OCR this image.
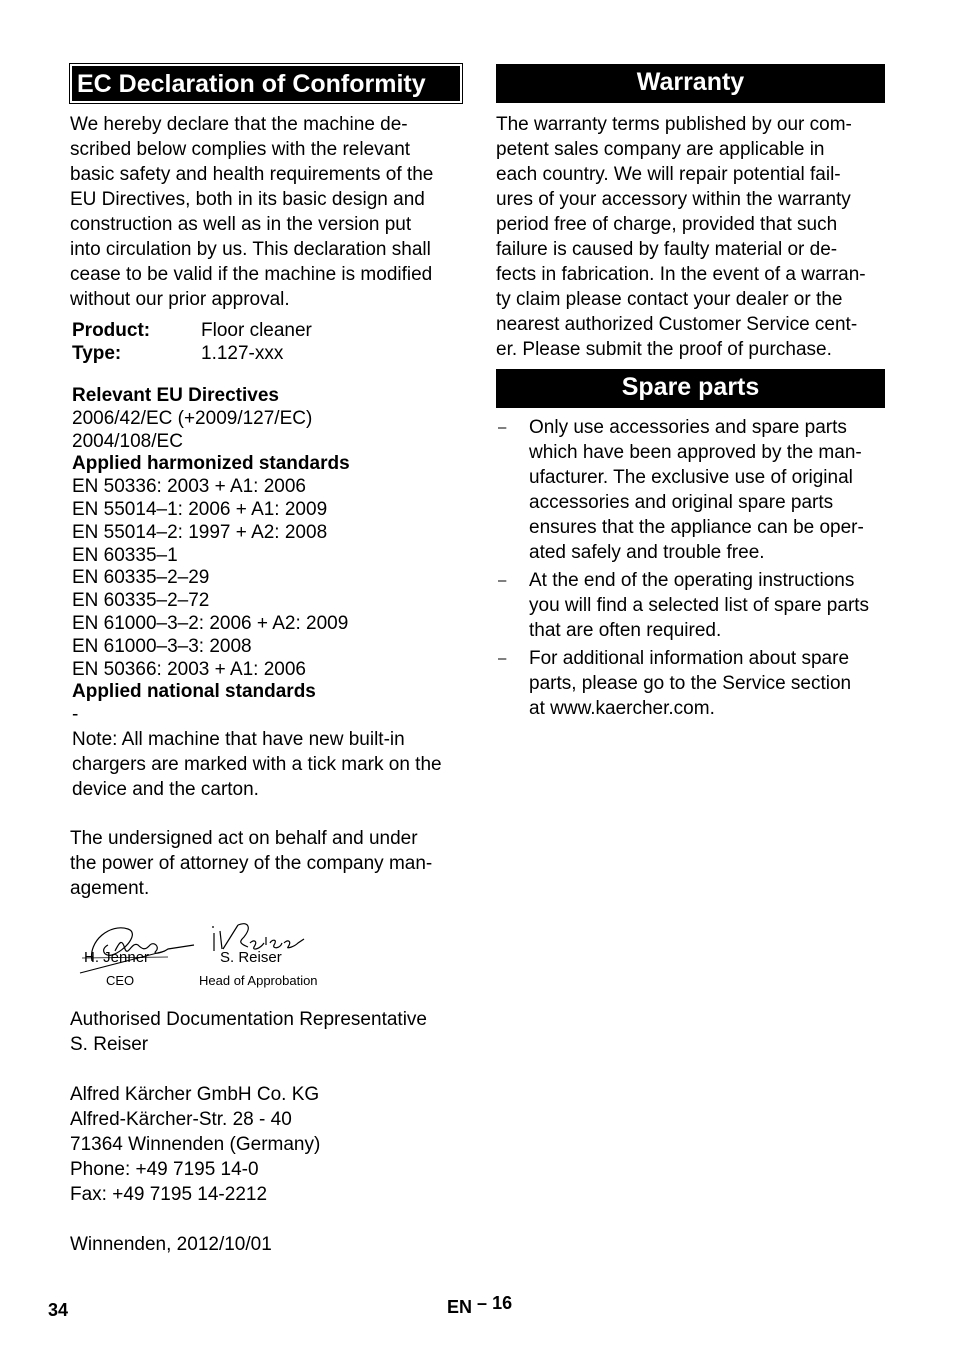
EC Declaration of Conformity

We hereby declare that the machine de-
scribed below complies with the relevant
basic safety and health requirements of the
EU Directives, both in its basic design and
construction as well as in the version put
into circulation by us. This declaration shall
cease to be valid if the machine is modified
without our prior approval.

Product:	Floor cleaner
Type:	1.127-xxx
Relevant EU Directives
2006/42/EC (+2009/127/EC)
2004/108/EC
Applied harmonized standards
EN 50336: 2003 + A1: 2006
EN 55014–1: 2006 + A1: 2009
EN 55014–2: 1997 + A2: 2008
EN 60335–1
EN 60335–2–29
EN 60335–2–72
EN 61000–3–2: 2006 + A2: 2009
EN 61000–3–3: 2008
EN 50366: 2003 + A1: 2006
Applied national standards
-

Note: All machine that have new built-in
chargers are marked with a tick mark on the
device and the carton.

The undersigned act on behalf and under
the power of attorney of the company man-
agement.

H. Jenner
CEO
S. Reiser
Head of Approbation

Authorised Documentation Representative
S. Reiser

Alfred Kärcher GmbH Co. KG
Alfred-Kärcher-Str. 28 - 40
71364 Winnenden (Germany)
Phone: +49 7195 14-0
Fax: +49 7195 14-2212

Winnenden, 2012/10/01

Warranty

The warranty terms published by our com-
petent sales company are applicable in
each country. We will repair potential fail-
ures of your accessory within the warranty
period free of charge, provided that such
failure is caused by faulty material or de-
fects in fabrication. In the event of a warran-
ty claim please contact your dealer or the
nearest authorized Customer Service cent-
er. Please submit the proof of purchase.

Spare parts
– Only use accessories and spare parts
which have been approved by the man-
ufacturer. The exclusive use of original
accessories and original spare parts
ensures that the appliance can be oper-
ated safely and trouble free.
– At the end of the operating instructions
you will find a selected list of spare parts
that are often required.
– For additional information about spare
parts, please go to the Service section
at www.kaercher.com.
34	EN – 16
